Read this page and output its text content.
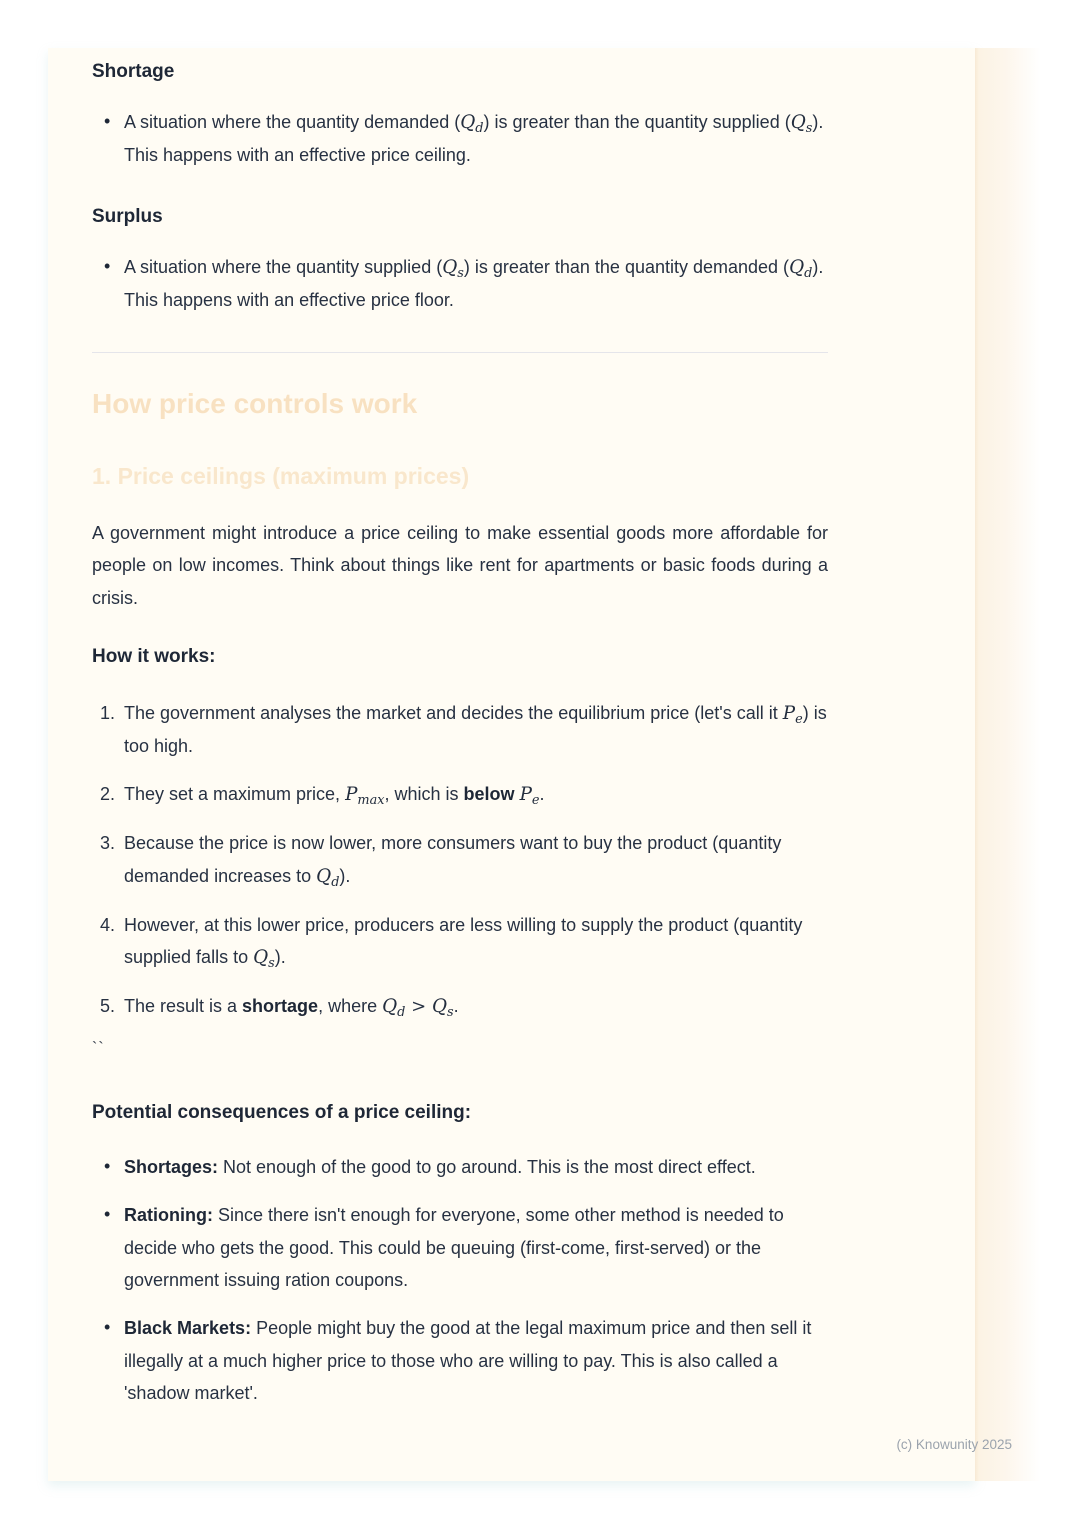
Shortage
• A situation where the quantity demanded $(Q_d)$ is greater than the quantity supplied $(Q_s)$. This happens with an effective price ceiling.
Surplus
• A situation where the quantity supplied $(Q_s)$ is greater than the quantity demanded $(Q_d)$. This happens with an effective price floor.
How price controls work
1. Price ceilings (maximum prices)

A government might introduce a price ceiling to make essential goods more affordable for people on low incomes. Think about things like rent for apartments or basic foods during a crisis.

How it works:
1. The government analyses the market and decides the equilibrium price (let's call it $P_e$) is too high.
2. They set a maximum price, $P_{max}$, which is below $P_e$.
3. Because the price is now lower, more consumers want to buy the product (quantity demanded increases to $Q_d$).
4. However, at this lower price, producers are less willing to supply the product (quantity supplied falls to $Q_s$).
5. The result is a shortage, where $Q_d > Q_s$.

``

Potential consequences of a price ceiling:
• Shortages: Not enough of the good to go around. This is the most direct effect.
• Rationing: Since there isn't enough for everyone, some other method is needed to decide who gets the good. This could be queuing (first-come, first-served) or the government issuing ration coupons.
• Black Markets: People might buy the good at the legal maximum price and then sell it illegally at a much higher price to those who are willing to pay. This is also called a 'shadow market'.
(c) Knowunity 2025
